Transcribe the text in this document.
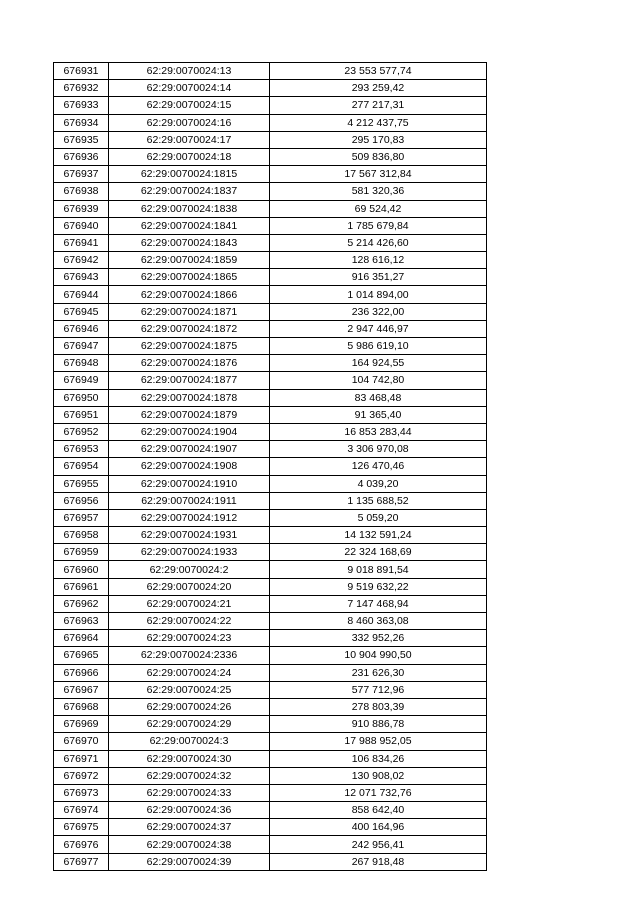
676931	62:29:0070024:13	23 553 577,74
676932	62:29:0070024:14	293 259,42
676933	62:29:0070024:15	277 217,31
676934	62:29:0070024:16	4 212 437,75
676935	62:29:0070024:17	295 170,83
676936	62:29:0070024:18	509 836,80
676937	62:29:0070024:1815	17 567 312,84
676938	62:29:0070024:1837	581 320,36
676939	62:29:0070024:1838	69 524,42
676940	62:29:0070024:1841	1 785 679,84
676941	62:29:0070024:1843	5 214 426,60
676942	62:29:0070024:1859	128 616,12
676943	62:29:0070024:1865	916 351,27
676944	62:29:0070024:1866	1 014 894,00
676945	62:29:0070024:1871	236 322,00
676946	62:29:0070024:1872	2 947 446,97
676947	62:29:0070024:1875	5 986 619,10
676948	62:29:0070024:1876	164 924,55
676949	62:29:0070024:1877	104 742,80
676950	62:29:0070024:1878	83 468,48
676951	62:29:0070024:1879	91 365,40
676952	62:29:0070024:1904	16 853 283,44
676953	62:29:0070024:1907	3 306 970,08
676954	62:29:0070024:1908	126 470,46
676955	62:29:0070024:1910	4 039,20
676956	62:29:0070024:1911	1 135 688,52
676957	62:29:0070024:1912	5 059,20
676958	62:29:0070024:1931	14 132 591,24
676959	62:29:0070024:1933	22 324 168,69
676960	62:29:0070024:2	9 018 891,54
676961	62:29:0070024:20	9 519 632,22
676962	62:29:0070024:21	7 147 468,94
676963	62:29:0070024:22	8 460 363,08
676964	62:29:0070024:23	332 952,26
676965	62:29:0070024:2336	10 904 990,50
676966	62:29:0070024:24	231 626,30
676967	62:29:0070024:25	577 712,96
676968	62:29:0070024:26	278 803,39
676969	62:29:0070024:29	910 886,78
676970	62:29:0070024:3	17 988 952,05
676971	62:29:0070024:30	106 834,26
676972	62:29:0070024:32	130 908,02
676973	62:29:0070024:33	12 071 732,76
676974	62:29:0070024:36	858 642,40
676975	62:29:0070024:37	400 164,96
676976	62:29:0070024:38	242 956,41
676977	62:29:0070024:39	267 918,48
